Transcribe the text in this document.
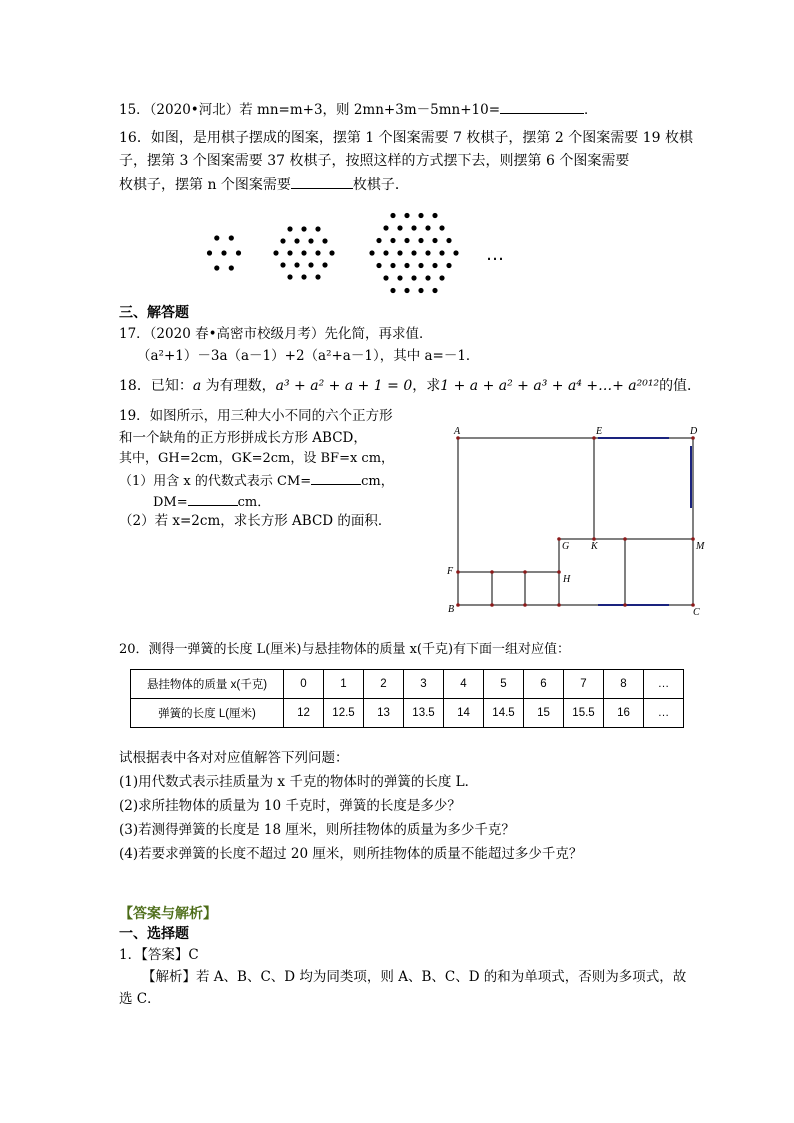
15．（2020•河北）若 mn=m+3，则 2mn+3m－5mn+10=	．
16．如图，是用棋子摆成的图案，摆第 1 个图案需要 7 枚棋子，摆第 2 个图案需要 19 枚棋
子，摆第 3 个图案需要 37 枚棋子，按照这样的方式摆下去，则摆第 6 个图案需要
枚棋子，摆第 n 个图案需要	枚棋子．
…
三、解答题
17．（2020 春•高密市校级月考）先化简，再求值．
（a²+1）－3a（a－1）+2（a²+a－1），其中 a=－1．
18．已知：a 为有理数，a³ + a² + a + 1 = 0，求1 + a + a² + a³ + a⁴ +…+ a²⁰¹²的值．
19．如图所示，用三种大小不同的六个正方形
和一个缺角的正方形拼成长方形 ABCD，
其中，GH=2cm，GK=2cm，设 BF=x cm，
（1）用含 x 的代数式表示 CM=	cm，
DM=	cm．
（2）若 x=2cm，求长方形 ABCD 的面积．
A	E	D
G K	M
F
H
B	C
20．测得一弹簧的长度 L(厘米)与悬挂物体的质量 x(千克)有下面一组对应值：
悬挂物体的质量 x(千克)	0	1	2	3	4	5	6	7	8	…
弹簧的长度 L(厘米)	12	12.5	13	13.5	14	14.5	15	15.5	16	…
试根据表中各对对应值解答下列问题：
(1)用代数式表示挂质量为 x 千克的物体时的弹簧的长度 L．
(2)求所挂物体的质量为 10 千克时，弹簧的长度是多少？
(3)若测得弹簧的长度是 18 厘米，则所挂物体的质量为多少千克？
(4)若要求弹簧的长度不超过 20 厘米，则所挂物体的质量不能超过多少千克？
【答案与解析】
一、选择题
1．【答案】C
【解析】若 A、B、C、D 均为同类项，则 A、B、C、D 的和为单项式，否则为多项式，故
选 C．
